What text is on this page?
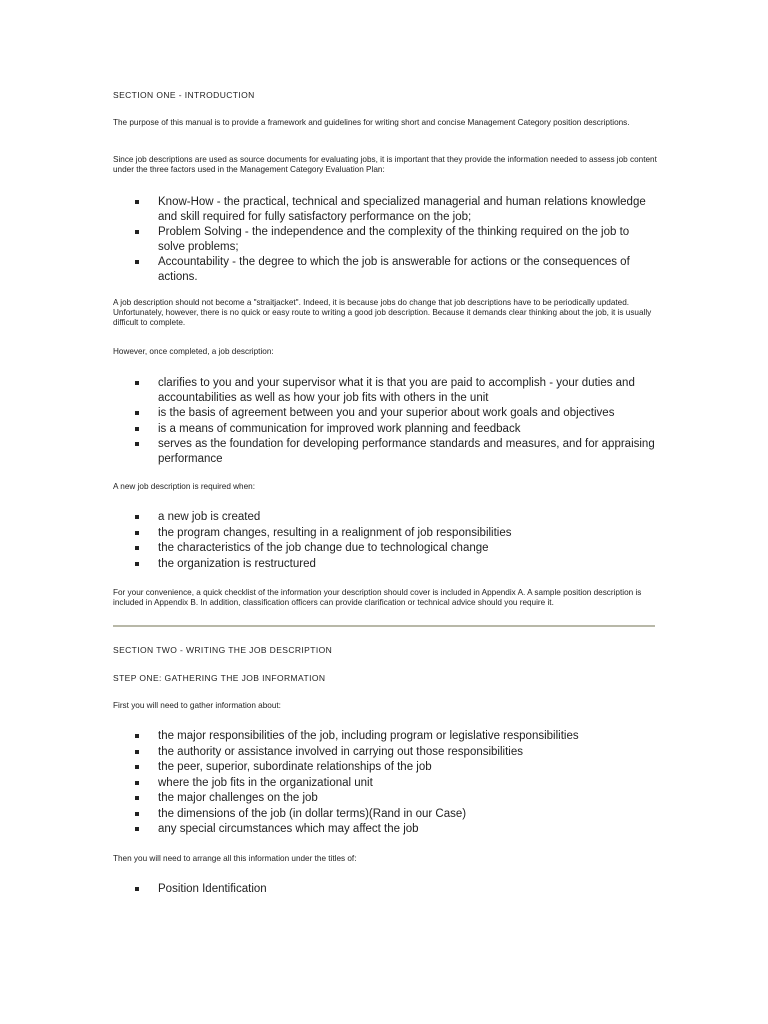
SECTION ONE - INTRODUCTION
The purpose of this manual is to provide a framework and guidelines for writing short and concise Management Category position descriptions.
Since job descriptions are used as source documents for evaluating jobs, it is important that they provide the information needed to assess job content under the three factors used in the Management Category Evaluation Plan:
Know-How - the practical, technical and specialized managerial and human relations knowledge and skill required for fully satisfactory performance on the job;
Problem Solving - the independence and the complexity of the thinking required on the job to solve problems;
Accountability - the degree to which the job is answerable for actions or the consequences of actions.
A job description should not become a "straitjacket". Indeed, it is because jobs do change that job descriptions have to be periodically updated. Unfortunately, however, there is no quick or easy route to writing a good job description. Because it demands clear thinking about the job, it is usually difficult to complete.
However, once completed, a job description:
clarifies to you and your supervisor what it is that you are paid to accomplish - your duties and accountabilities as well as how your job fits with others in the unit
is the basis of agreement between you and your superior about work goals and objectives
is a means of communication for improved work planning and feedback
serves as the foundation for developing performance standards and measures, and for appraising performance
A new job description is required when:
a new job is created
the program changes, resulting in a realignment of job responsibilities
the characteristics of the job change due to technological change
the organization is restructured
For your convenience, a quick checklist of the information your description should cover is included in Appendix A. A sample position description is included in Appendix B. In addition, classification officers can provide clarification or technical advice should you require it.
SECTION TWO - WRITING THE JOB DESCRIPTION
STEP ONE: GATHERING THE JOB INFORMATION
First you will need to gather information about:
the major responsibilities of the job, including program or legislative responsibilities
the authority or assistance involved in carrying out those responsibilities
the peer, superior, subordinate relationships of the job
where the job fits in the organizational unit
the major challenges on the job
the dimensions of the job (in dollar terms)(Rand in our Case)
any special circumstances which may affect the job
Then you will need to arrange all this information under the titles of:
Position Identification
